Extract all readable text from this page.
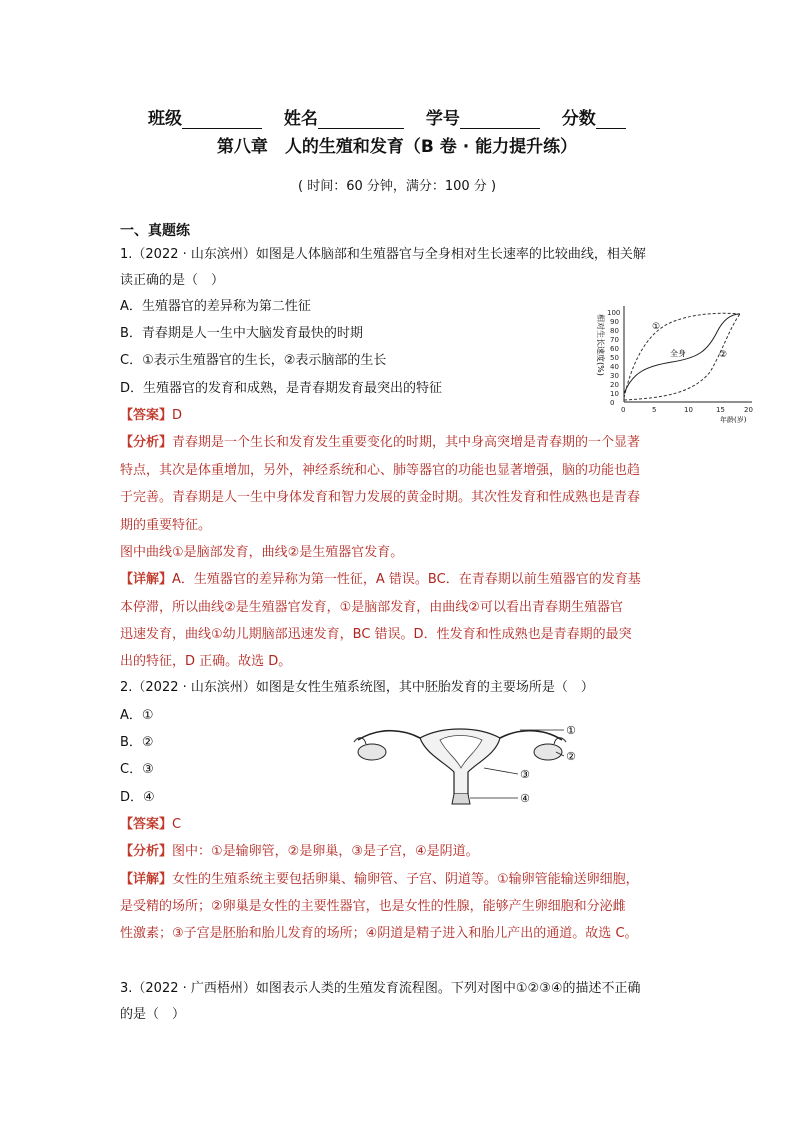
班级	姓名	学号	分数
第八章　人的生殖和发育（B 卷 · 能力提升练）
( 时间：60 分钟，满分：100 分 )
一、真题练
1.（2022 · 山东滨州）如图是人体脑部和生殖器官与全身相对生长速率的比较曲线，相关解
读正确的是（　）
A．生殖器官的差异称为第二性征
B．青春期是人一生中大脑发育最快的时期
C．①表示生殖器官的生长，②表示脑部的生长
D．生殖器官的发育和成熟，是青春期发育最突出的特征
【答案】D
【分析】青春期是一个生长和发育发生重要变化的时期，其中身高突增是青春期的一个显著
特点，其次是体重增加，另外，神经系统和心、肺等器官的功能也显著增强，脑的功能也趋
于完善。青春期是人一生中身体发育和智力发展的黄金时期。其次性发育和性成熟也是青春
期的重要特征。
图中曲线①是脑部发育，曲线②是生殖器官发育。
【详解】A．生殖器官的差异称为第一性征，A 错误。BC．在青春期以前生殖器官的发育基
本停滞，所以曲线②是生殖器官发育，①是脑部发育，由曲线②可以看出青春期生殖器官
迅速发育，曲线①幼儿期脑部迅速发育，BC 错误。D．性发育和性成熟也是青春期的最突
出的特征，D 正确。故选 D。
相对生长速度(%)
0
10
20
30
40
50
60
70
80
90
100
0	5	10	15	20
年龄(岁)
①
②
全身
2.（2022 · 山东滨州）如图是女性生殖系统图，其中胚胎发育的主要场所是（　）
A．①
B．②
C．③
D．④
①
②
③
④
【答案】C
【分析】图中：①是输卵管，②是卵巢，③是子宫，④是阴道。
【详解】女性的生殖系统主要包括卵巢、输卵管、子宫、阴道等。①输卵管能输送卵细胞，
是受精的场所；②卵巢是女性的主要性器官，也是女性的性腺，能够产生卵细胞和分泌雌
性激素；③子宫是胚胎和胎儿发育的场所；④阴道是精子进入和胎儿产出的通道。故选 C。
3.（2022 · 广西梧州）如图表示人类的生殖发育流程图。下列对图中①②③④的描述不正确
的是（　）
